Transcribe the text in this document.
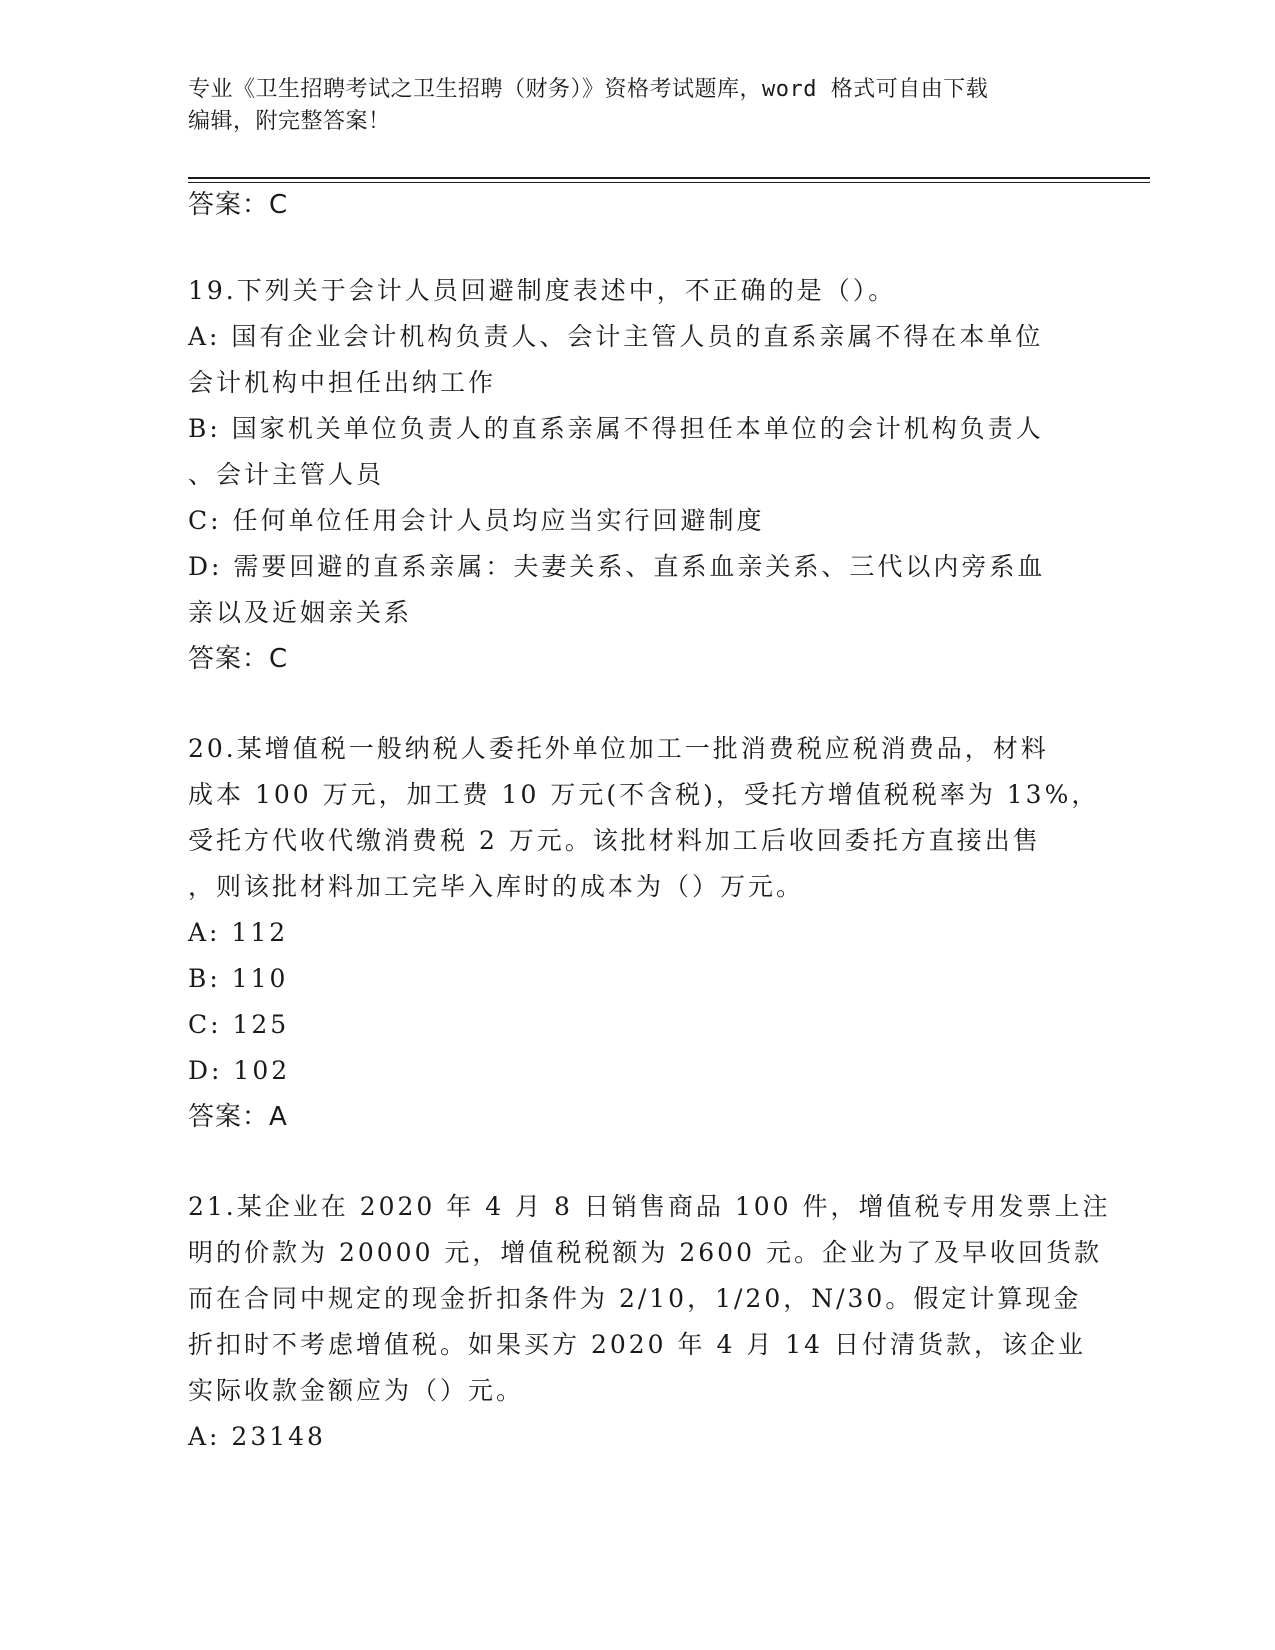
专业《卫生招聘考试之卫生招聘（财务）》资格考试题库，word 格式可自由下载
编辑，附完整答案！
答案：C
19.下列关于会计人员回避制度表述中，不正确的是（）。
A: 国有企业会计机构负责人、会计主管人员的直系亲属不得在本单位
会计机构中担任出纳工作
B: 国家机关单位负责人的直系亲属不得担任本单位的会计机构负责人
、会计主管人员
C: 任何单位任用会计人员均应当实行回避制度
D: 需要回避的直系亲属：夫妻关系、直系血亲关系、三代以内旁系血
亲以及近姻亲关系
答案：C
20.某增值税一般纳税人委托外单位加工一批消费税应税消费品，材料
成本 100 万元，加工费 10 万元(不含税)，受托方增值税税率为 13%，
受托方代收代缴消费税 2 万元。该批材料加工后收回委托方直接出售
，则该批材料加工完毕入库时的成本为（）万元。
A: 112
B: 110
C: 125
D: 102
答案：A
21.某企业在 2020 年 4 月 8 日销售商品 100 件，增值税专用发票上注
明的价款为 20000 元，增值税税额为 2600 元。企业为了及早收回货款
而在合同中规定的现金折扣条件为 2/10，1/20，N/30。假定计算现金
折扣时不考虑增值税。如果买方 2020 年 4 月 14 日付清货款，该企业
实际收款金额应为（）元。
A: 23148
